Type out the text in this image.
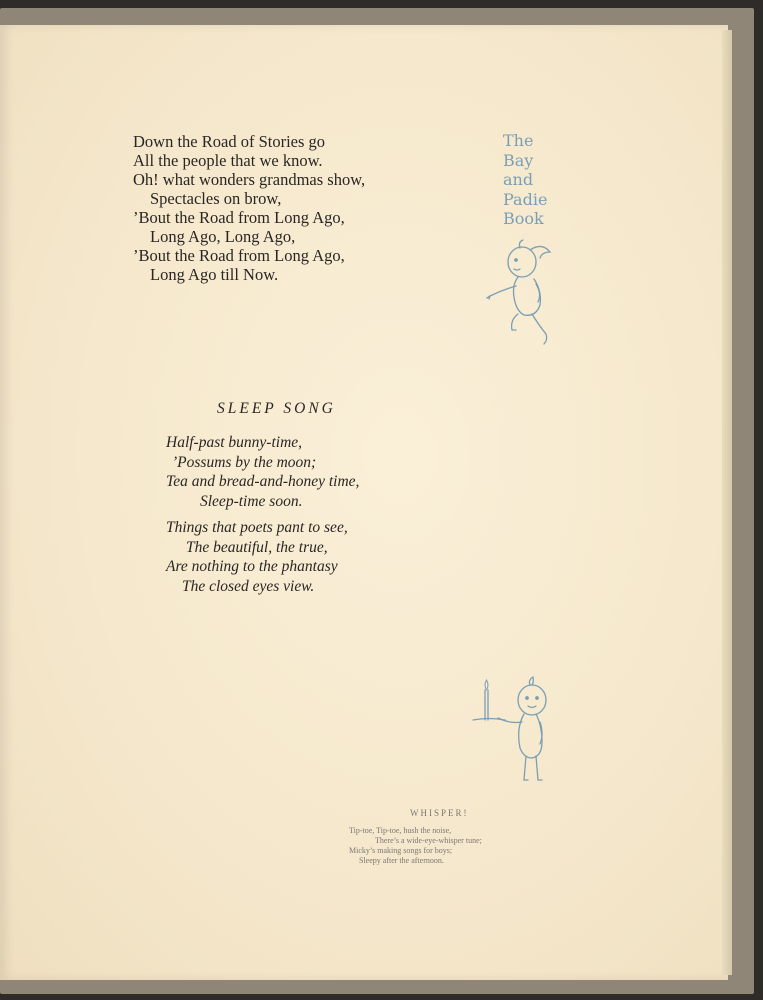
Down the Road of Stories go
All the people that we know.
Oh! what wonders grandmas show,
Spectacles on brow,
’Bout the Road from Long Ago,
Long Ago, Long Ago,
’Bout the Road from Long Ago,
Long Ago till Now.
The
Bay
and
Padie
Book
SLEEP SONG
Half-past bunny-time,
’Possums by the moon;
Tea and bread-and-honey time,
Sleep-time soon.
Things that poets pant to see,
The beautiful, the true,
Are nothing to the phantasy
The closed eyes view.
WHISPER!
Tip-toe, Tip-toe, hush the noise,
There’s a wide-eye-whisper tune;
Micky’s making songs for boys;
Sleepy after the afternoon.
